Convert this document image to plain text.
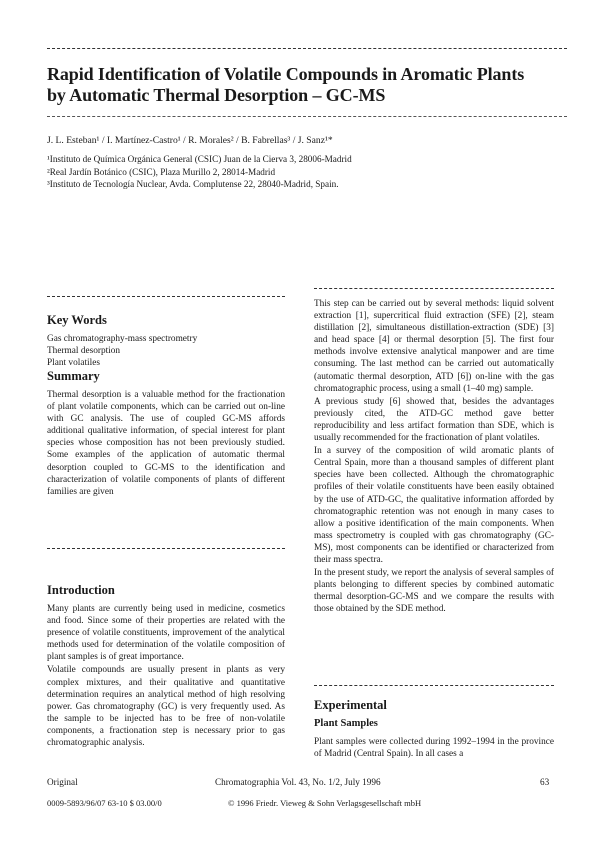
Rapid Identification of Volatile Compounds in Aromatic Plants
by Automatic Thermal Desorption – GC-MS
J. L. Esteban¹ / I. Martínez-Castro¹ / R. Morales² / B. Fabrellas³ / J. Sanz¹*
¹Instituto de Química Orgánica General (CSIC) Juan de la Cierva 3, 28006-Madrid
²Real Jardín Botánico (CSIC), Plaza Murillo 2, 28014-Madrid
³Instituto de Tecnología Nuclear, Avda. Complutense 22, 28040-Madrid, Spain.
Key Words
Gas chromatography-mass spectrometry
Thermal desorption
Plant volatiles
Summary

Thermal desorption is a valuable method for the fractionation of plant volatile components, which can be carried out on-line with GC analysis. The use of coupled GC-MS affords additional qualitative information, of special interest for plant species whose composition has not been previously studied. Some examples of the application of automatic thermal desorption coupled to GC-MS to the identification and characterization of volatile components of plants of different families are given

Introduction

Many plants are currently being used in medicine, cosmetics and food. Since some of their properties are related with the presence of volatile constituents, improvement of the analytical methods used for determination of the volatile composition of plant samples is of great importance.

Volatile compounds are usually present in plants as very complex mixtures, and their qualitative and quantitative determination requires an analytical method of high resolving power. Gas chromatography (GC) is very frequently used. As the sample to be injected has to be free of non-volatile components, a fractionation step is necessary prior to gas chromatographic analysis.

This step can be carried out by several methods: liquid solvent extraction [1], supercritical fluid extraction (SFE) [2], steam distillation [2], simultaneous distillation-extraction (SDE) [3] and head space [4] or thermal desorption [5]. The first four methods involve extensive analytical manpower and are time consuming. The last method can be carried out automatically (automatic thermal desorption, ATD [6]) on-line with the gas chromatographic process, using a small (1–40 mg) sample.

A previous study [6] showed that, besides the advantages previously cited, the ATD-GC method gave better reproducibility and less artifact formation than SDE, which is usually recommended for the fractionation of plant volatiles.

In a survey of the composition of wild aromatic plants of Central Spain, more than a thousand samples of different plant species have been collected. Although the chromatographic profiles of their volatile constituents have been easily obtained by the use of ATD-GC, the qualitative information afforded by chromatographic retention was not enough in many cases to allow a positive identification of the main components. When mass spectrometry is coupled with gas chromatography (GC-MS), most components can be identified or characterized from their mass spectra.

In the present study, we report the analysis of several samples of plants belonging to different species by combined automatic thermal desorption-GC-MS and we compare the results with those obtained by the SDE method.

Experimental
Plant Samples

Plant samples were collected during 1992–1994 in the province of Madrid (Central Spain). In all cases a

Original	Chromatographia Vol. 43, No. 1/2, July 1996	63
0009-5893/96/07 63-10 $ 03.00/0	© 1996 Friedr. Vieweg & Sohn Verlagsgesellschaft mbH
